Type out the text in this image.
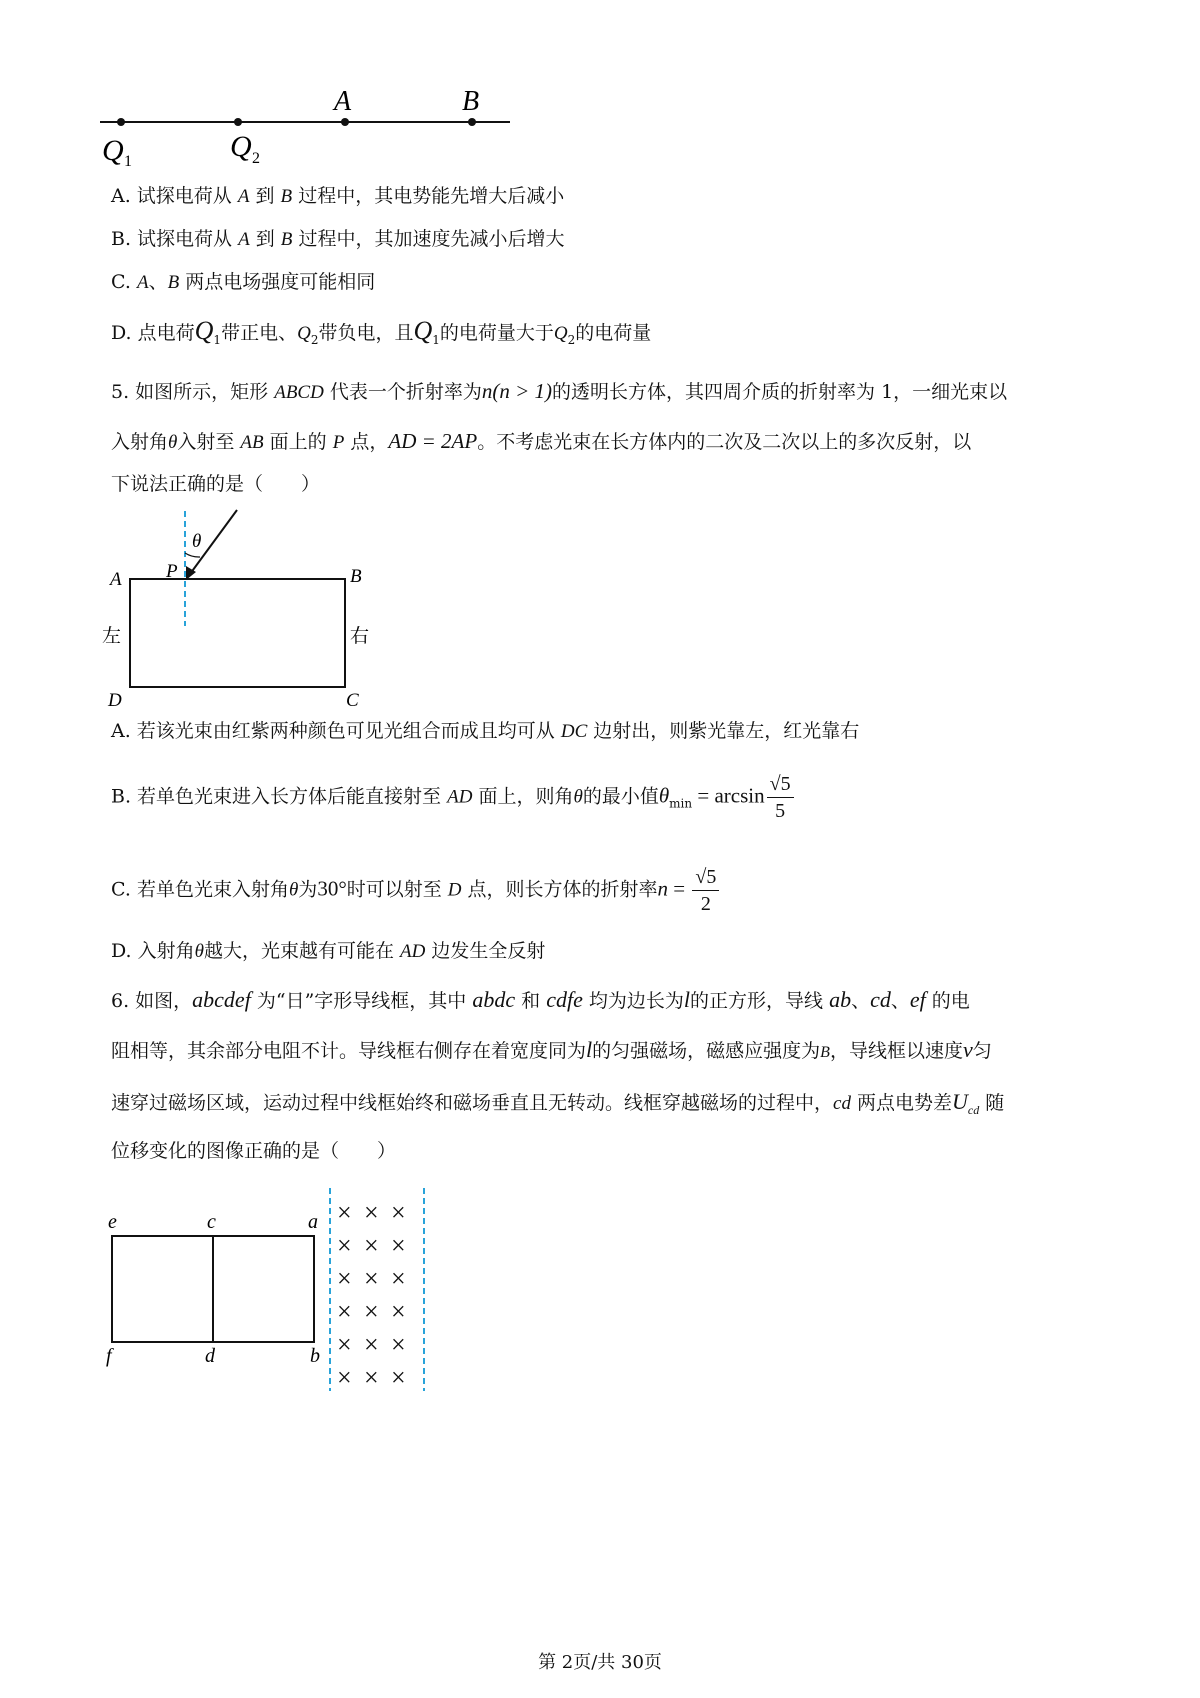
A	B
Q 1	Q 2
A. 试探电荷从 A 到 B 过程中，其电势能先增大后减小
B. 试探电荷从 A 到 B 过程中，其加速度先减小后增大
C. A、B 两点电场强度可能相同
D. 点电荷$Q_1$带正电、$Q_2$带负电，且$Q_1$的电荷量大于$Q_2$的电荷量
5. 如图所示，矩形 ABCD 代表一个折射率为n(n > 1)的透明长方体，其四周介质的折射率为 1，一细光束以
入射角θ入射至 AB 面上的 P 点，AD = 2AP。不考虑光束在长方体内的二次及二次以上的多次反射，以
下说法正确的是（　　）
θ
A P	B
D	C
左	右
A. 若该光束由红紫两种颜色可见光组合而成且均可从 DC 边射出，则紫光靠左，红光靠右
B. 若单色光束进入长方体后能直接射至 AD 面上，则角θ的最小值$\theta_{min} = \arcsin \frac{√5}{5}$
C. 若单色光束入射角θ为30°时可以射至 D 点，则长方体的折射率$n = \frac{√5}{2}$
D. 入射角θ越大，光束越有可能在 AD 边发生全反射
6. 如图，abcdef 为“日”字形导线框，其中 abdc 和 cdfe 均为边长为l的正方形，导线 ab、cd、ef 的电
阻相等，其余部分电阻不计。导线框右侧存在着宽度同为l的匀强磁场，磁感应强度为B，导线框以速度v匀
速穿过磁场区域，运动过程中线框始终和磁场垂直且无转动。线框穿越磁场的过程中，cd 两点电势差$U_{cd}$ 随
位移变化的图像正确的是（　　）
e	c	a
f	d	b
× × ×
× × ×
× × ×
× × ×
× × ×
× × ×
第 2页/共 30页
